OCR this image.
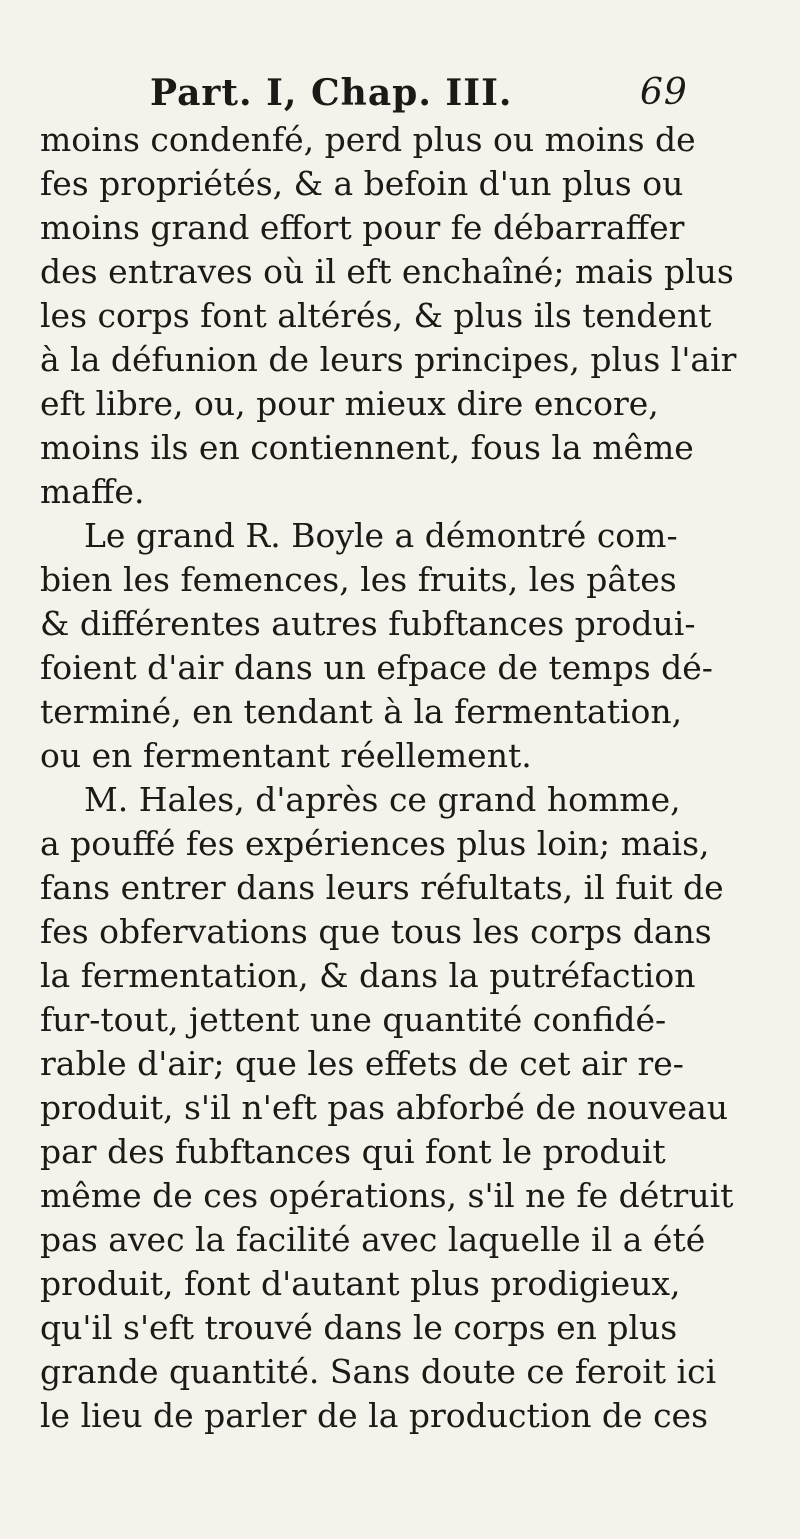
Part. I, Chap. III.	69
moins condenfé, perd plus ou moins de
fes propriétés, & a befoin d'un plus ou
moins grand effort pour fe débarraffer
des entraves où il eft enchaîné; mais plus
les corps font altérés, & plus ils tendent
à la défunion de leurs principes, plus l'air
eft libre, ou, pour mieux dire encore,
moins ils en contiennent, fous la même
maffe.
Le grand R. Boyle a démontré com-
bien les femences, les fruits, les pâtes
& différentes autres fubftances produi-
foient d'air dans un efpace de temps dé-
terminé, en tendant à la fermentation,
ou en fermentant réellement.
M. Hales, d'après ce grand homme,
a pouffé fes expériences plus loin; mais,
fans entrer dans leurs réfultats, il fuit de
fes obfervations que tous les corps dans
la fermentation, & dans la putréfaction
fur-tout, jettent une quantité confidé-
rable d'air; que les effets de cet air re-
produit, s'il n'eft pas abforbé de nouveau
par des fubftances qui font le produit
même de ces opérations, s'il ne fe détruit
pas avec la facilité avec laquelle il a été
produit, font d'autant plus prodigieux,
qu'il s'eft trouvé dans le corps en plus
grande quantité. Sans doute ce feroit ici
le lieu de parler de la production de ces
